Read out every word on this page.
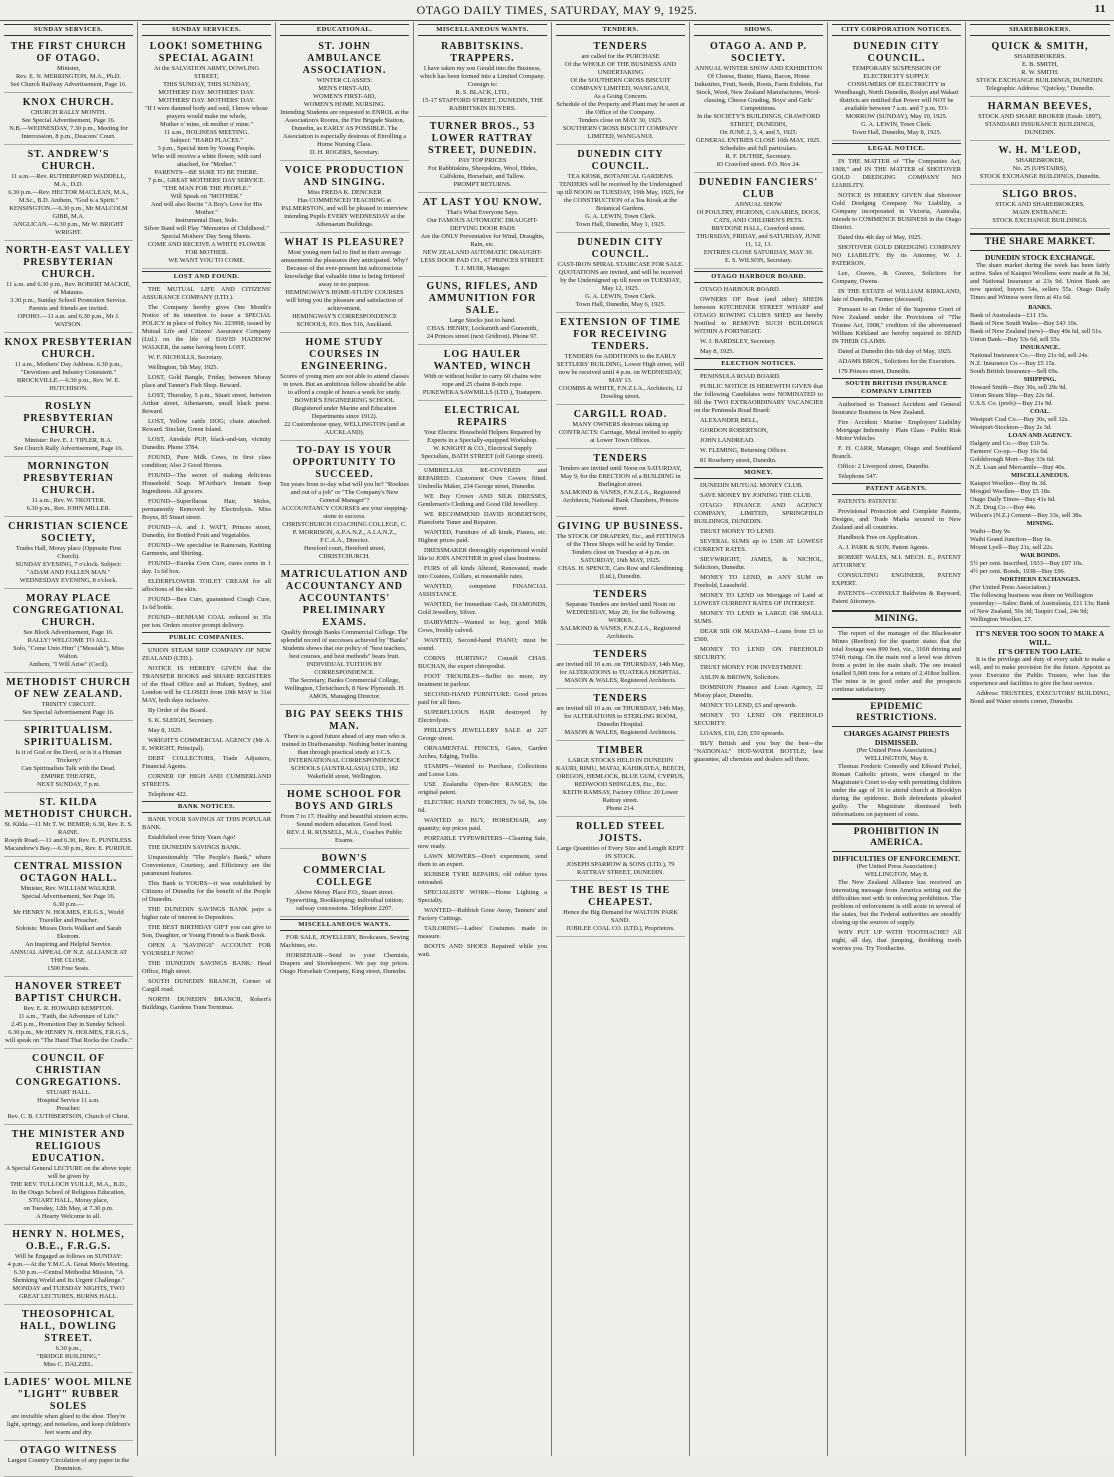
OTAGO DAILY TIMES, SATURDAY, MAY 9, 1925.	11
SUNDAY SERVICES.
THE FIRST CHURCH OF OTAGO.
Minister,
Rev. E. N. MERRINGTON, M.A., Ph.D.
See Church Railway Advertisement, Page 16.
KNOX CHURCH.
CHURCH RALLY MONTH.
See Special Advertisement, Page 16.
N.B.—WEDNESDAY, 7.30 p.m., Meeting for Intercession, 8 p.m., Deacons' Court.
ST. ANDREW'S CHURCH.
11 a.m.—Rev. RUTHERFORD WADDELL, M.A., D.D.
6.30 p.m.—Rev. HECTOR MACLEAN, M.A., M.Sc., B.D. Anthem, "God is a Spirit."
KENSINGTON.—6.30 p.m., Mr MALCOLM GIBB, M.A.
ANGLICAN.—6.30 p.m., Mr W. BRIGHT WRIGHT.
NORTH-EAST VALLEY PRESBYTERIAN CHURCH.
11 a.m. and 6.30 p.m., Rev. ROBERT MACKIE, of Mataura.
3.30 p.m., Sunday School Promotion Service. Parents and friends are invited.
OPOHO.—11 a.m. and 6.30 p.m., Mr J. WATSON.
KNOX PRESBYTERIAN CHURCH.
11 a.m., Mothers' Day Address. 6.30 p.m., "Devotions and Industry Consistent."
BROCKVILLE.—6.30 p.m., Rev. W. E. HUTCHISON.
ROSLYN PRESBYTERIAN CHURCH.
Minister: Rev. E. J. TIPLER, B.A.
See Church Rally Advertisement, Page 16.
MORNINGTON PRESBYTERIAN CHURCH.
11 a.m., Rev. W. TROTTER.
6.30 p.m., Rev. JOHN MILLER.
CHRISTIAN SCIENCE SOCIETY,
Trades Hall, Moray place (Opposite First Church).
SUNDAY EVENING, 7 o'clock. Subject:
"ADAM AND FALLEN MAN."
WEDNESDAY EVENING, 8 o'clock.
MORAY PLACE CONGREGATIONAL CHURCH.
See Block Advertisement, Page 16.
RALLY! WELCOME TO ALL.
Solo, "Come Unto Him" ("Messiah"), Miss Walton.
Anthem, "I Will Arise" (Cecil).
METHODIST CHURCH OF NEW ZEALAND.
TRINITY CIRCUIT.
See Special Advertisement Page 16.
SPIRITUALISM. SPIRITUALISM.
Is it of God or the Devil, or is it a Human Trickery?
Can Spiritualists Talk with the Dead.
EMPIRE THEATRE,
NEXT SUNDAY, 7 p.m.
ST. KILDA METHODIST CHURCH.
St. Kilda.—11 Mr T. W. HEMER; 6.30, Rev. E. S. RAINE.
Rosyth Road.—11 and 6.30, Rev. E. PUNDLESS.
Macandrew's Bay.—6.30 p.m., Rev. E. PURDUE.
CENTRAL MISSION OCTAGON HALL.
Minister, Rev. WILLIAM WALKER.
Special Advertisement, See Page 16.
6.30 p.m.—
Mr HENRY N. HOLMES, F.R.G.S., World Traveller and Preacher.
Soloists: Misses Doris Walkart and Sarah Ekstrom.
An Inspiring and Helpful Service.
ANNUAL APPEAL OF N.Z. ALLIANCE AT THE CLOSE.
1500 Free Seats.
HANOVER STREET BAPTIST CHURCH.
Rev. E. R. HOWARD KEMPTON.
11 a.m., "Faith, the Adventure of Life."
2.45 p.m., Promotion Day in Sunday School.
6.30 p.m., Mr HENRY N. HOLMES, F.R.G.S., will speak on "The Hand That Rocks the Cradle."
COUNCIL OF CHRISTIAN CONGREGATIONS.
STUART HALL.
Hospital Service 11 a.m.
Preacher:
Rev. C. B. CUTHBERTSON, Church of Christ.
THE MINISTER AND RELIGIOUS EDUCATION.
A Special General LECTURE on the above topic will be given by
THE REV. TULLOCH YUILLE, M.A., B.D.,
In the Otago School of Religious Education, STUART HALL, Moray place,
on Tuesday, 12th May, at 7.30 p.m.
A Hearty Welcome to all.
HENRY N. HOLMES, O.B.E., F.R.G.S.
Will be Engaged as follows on SUNDAY:
4 p.m.—At the Y.M.C.A. Great Men's Meeting.
6.30 p.m.—Central Methodist Mission, "A Shrinking World and Its Urgent Challenge."
MONDAY and TUESDAY NIGHTS, TWO GREAT LECTURES, BURNS HALL.
THEOSOPHICAL HALL, DOWLING STREET.
6.30 p.m.,
"BRIDGE BUILDING,"
Miss C. DALZIEL.
LADIES' WOOL MILNE "LIGHT" RUBBER SOLES
are invisible when glued to the shoe. They're light, springy, and noiseless, and keep children's feet warm and dry.
OTAGO WITNESS
Largest Country Circulation of any paper in the Dominion.
SUNDAY SERVICES.
LOOK! SOMETHING SPECIAL AGAIN!
At the SALVATION ARMY, DOWLING STREET,
THIS SUNDAY, THIS SUNDAY,
MOTHERS' DAY. MOTHERS' DAY.
MOTHERS' DAY. MOTHERS' DAY.
"If I were damned body and soul, I know whose prayers would make me whole,
Mother o' mine, oh mother o' mine."
11 a.m., HOLINESS MEETING.
Subject: "HARD PLACES."
3 p.m., Special item by Young People.
Who will receive a white flower, with card attached, for "Mother."
PARENTS—BE SURE TO BE THERE.
7 p.m., GREAT MOTHERS' DAY SERVICE.
"THE MAN FOR THE PEOPLE."
Will Speak on "MOTHER."
And will also Recite "A Boy's Love for His Mother."
Instrumental Duet, Solo.
Silver Band will Play "Memories of Childhood."
Special Mothers' Day Song Sheets.
COME AND RECEIVE A WHITE FLOWER FOR MOTHER.
WE WANT YOU TO COME.
LOST AND FOUND.

THE MUTUAL LIFE AND CITIZENS' ASSURANCE COMPANY (LTD.).

The Company hereby gives One Month's Notice of its intention to issue a SPECIAL POLICY in place of Policy No. 223998, issued by Mutual Life and Citizens' Assurance Company (Ltd.) on the life of DAVID HADDOW WALKER, the same having been LOST.

W. F. NICHOLLS, Secretary.

Wellington, 5th May, 1925.

LOST, Gold Bangle, Friday, between Moray place and Tanner's Fish Shop. Reward.

LOST, Thursday, 5 p.m., Stuart street, between Arthur street, Athenaeum, small black purse. Reward.

LOST, Yellow cattle DOG; chain attached. Reward. Sinclair, Green Island.

LOST, Airedale PUP, black-and-tan, vicinity Dunedin. Phone 3784.

FOUND, Pure Milk Cows, in first class condition; Also 2 Good Horses.

FOUND—The secret of making delicious Household Soap. M'Arthur's Instant Soap Ingredients. All grocers.

FOUND—Superfluous Hair, Moles, permanently Removed by Electrolysis. Miss Boyes, 85 Stuart street.

FOUND—A. and J. WATT, Princes street, Dunedin, for Bottled Fruit and Vegetables.

FOUND—We specialise in Raincoats, Knitting Garments, and Shirting.

FOUND—Eureka Corn Cure, cures corns in 1 day. 1s 6d box.

ELDERFLOWER TOILET CREAM for all affections of the skin.

FOUND—Ben Cure, guaranteed Cough Cure, 1s 6d bottle.

FOUND—BENHAM COAL reduced to 35s per ton. Orders receive prompt delivery.

PUBLIC COMPANIES.

UNION STEAM SHIP COMPANY OF NEW ZEALAND (LTD.).

NOTICE IS HEREBY GIVEN that the TRANSFER BOOKS and SHARE REGISTERS of the Head Office and at Hobart, Sydney, and London will be CLOSED from 19th MAY to 31st MAY, both days inclusive.

By Order of the Board.

S. K. SLEIGH, Secretary.

May 8, 1925.

WRIGHT'S COMMERCIAL AGENCY (Mr A. E. WRIGHT, Principal).

DEBT COLLECTORS, Trade Adjusters, Financial Agents.

CORNER OF HIGH AND CUMBERLAND STREETS.

Telephone 422.

BANK NOTICES.

BANK YOUR SAVINGS AT THIS POPULAR BANK.

Established over Sixty Years Ago!

THE DUNEDIN SAVINGS BANK.

Unquestionably "The People's Bank," where Convenience, Courtesy, and Efficiency are the paramount features.

This Bank is YOURS—it was established by Citizens of Dunedin for the benefit of the People of Dunedin.

THE DUNEDIN SAVINGS BANK pays a higher rate of interest to Depositors.

THE BEST BIRTHDAY GIFT you can give to Son, Daughter, or Young Friend is a Bank Book.

OPEN A "SAVINGS" ACCOUNT FOR YOURSELF NOW!

THE DUNEDIN SAVINGS BANK: Head Office, High street.

SOUTH DUNEDIN BRANCH, Corner of Cargill road.

NORTH DUNEDIN BRANCH, Robert's Buildings, Gardens Tram Terminus.

EDUCATIONAL.
ST. JOHN AMBULANCE ASSOCIATION.
WINTER CLASSES:
MEN'S FIRST-AID,
WOMEN'S FIRST-AID,
WOMEN'S HOME NURSING.
Intending Students are requested to ENROL at the Association's Rooms, the Fire Brigade Station, Dunedin, as EARLY AS POSSIBLE. The Association is especially desirous of Enrolling a Home Nursing Class.
D. H. ROGERS, Secretary.
VOICE PRODUCTION AND SINGING.
Miss FREDA K. DENCKER
Has COMMENCED TEACHING at PALMERSTON, and will be pleased to interview intending Pupils EVERY WEDNESDAY at the Athenaeum Buildings.
WHAT IS PLEASURE?
Most young men fail to find in their average amusements the pleasures they anticipated. Why? Because of the ever-present but subconscious knowledge that valuable time is being frittered away to no purpose.
HEMINGWAY'S HOME-STUDY COURSES will bring you the pleasure and satisfaction of achievement.
HEMINGWAY'S CORRESPONDENCE SCHOOLS, P.O. Box 516, Auckland.
HOME STUDY COURSES IN ENGINEERING.
Scores of young men are not able to attend classes in town. But an ambitious fellow should be able to afford a couple of hours a week for study.
BOWER'S ENGINEERING SCHOOL (Registered under Marine and Education Departments since 1912).
22 Customhouse quay, WELLINGTON (and at AUCKLAND).
TO-DAY IS YOUR OPPORTUNITY TO SUCCEED.
Ten years from to-day what will you be? "Rookies and out of a job" or "The Company's New General Manager"?
ACCOUNTANCY COURSES are your stepping-stone to success.
CHRISTCHURCH COACHING COLLEGE, C. P. MORRISON, A.P.A.N.Z., A.I.A.N.Z., F.C.A.A., Director.
Hereford court, Hereford street, CHRISTCHURCH.
MATRICULATION AND ACCOUNTANCY AND ACCOUNTANTS' PRELIMINARY EXAMS.
Qualify through Banks Commercial College. The splendid record of successes achieved by "Banks" Students shows that our policy of "best teachers, best courses, and best methods" bears fruit.
INDIVIDUAL TUITION BY CORRESPONDENCE.
The Secretary, Banks Commercial College, Wellington, Christchurch, 8 New Plymouth. H. AMOS, Managing Director.
BIG PAY SEEKS THIS MAN.
There is a good future ahead of any man who is trained in Draftsmanship. Nothing better training than through practical study at I.C.S.
INTERNATIONAL CORRESPONDENCE SCHOOLS (AUSTRALASIA) LTD., 182 Wakefield street, Wellington.
HOME SCHOOL FOR BOYS AND GIRLS
From 7 to 17. Healthy and beautiful sixteen acres. Sound modern education. Good food.
REV. J. R. RUSSELL, M.A., Coaches Public Exams.
BOWN'S COMMERCIAL COLLEGE
Above Moray Place P.O., Stuart street. Typewriting, Bookkeeping; individual tuition; railway concessions. Telephone 2207.
MISCELLANEOUS WANTS.

FOR SALE, JEWELLERY, Bookcases, Sewing Machines, etc.

HORSEHAIR—Send to your Chemists, Drapers and Storekeepers. We pay top prices. Otago Horsehair Company, King street, Dunedin.

MISCELLANEOUS WANTS.
RABBITSKINS. TRAPPERS.
I have taken my son Gerald into the Business, which has been formed into a Limited Company.
Consign to:
R. S. BLACK, LTD.,
15-17 STAFFORD STREET, DUNEDIN, THE RABBITSKIN BUYERS.
TURNER BROS., 53 LOWER RATTRAY STREET, DUNEDIN.
PAY TOP PRICES
For Rabbitskins, Sheepskins, Wool, Hides, Calfskins, Horsehair, and Tallow.
PROMPT RETURNS.
AT LAST YOU KNOW.
That's What Everyone Says.
Our FAMOUS AUTOMATIC DRAUGHT-DEFYING DOOR PADS
Are the ONLY Preventative for Wind, Draughts, Rain, etc.
NEW ZEALAND AUTOMATIC DRAUGHT-LESS DOOR PAD CO., 67 PRINCES STREET.
T. J. MUIR, Manager.
GUNS, RIFLES, AND AMMUNITION FOR SALE.
Large Stocks just to hand.
CHAS. HENRY, Locksmith and Gunsmith,
24 Princes street (next Gridiron). Phone 97.
LOG HAULER WANTED, WINCH
With or without boiler to carry 60 chains wire rope and 25 chains 8-inch rope.
PUKEWEKA SAWMILLS (LTD.), Tuatapere.
ELECTRICAL REPAIRS
Your Electric Household Helpers Repaired by Experts in a Specially-equipped Workshop.
W. KNIGHT & CO., Electrical Supply Specialists, BATH STREET (off George street).

UMBRELLAS RE-COVERED and REPAIRED. Customers' Own Covers fitted. Umbrella Maker, 234 George street, Dunedin.

WE Buy Crown AND SILK DRESSES, Gentlemen's Clothing and Good Old Jewellery.

WE RECOMMEND DAVID ROBERTSON, Pianoforte Tuner and Repairer.

WANTED, Furniture of all kinds, Pianos, etc. Highest prices paid.

DRESSMAKER thoroughly experienced would like to JOIN ANOTHER in good class business.

FURS of all kinds Altered, Renovated, made into Coatees, Collars, at reasonable rates.

WANTED, competent FINANCIAL ASSISTANCE.

WANTED, for Immediate Cash, DIAMONDS, Gold Jewellery, Silver.

DAIRYMEN—Wanted to buy, good Milk Cows, freshly calved.

WANTED, Second-hand PIANO; must be sound.

CORNS HURTING? Consult CHAS. BUCHAN, the expert chiropodist.

FOOT TROUBLES—Suffer no more, try treatment in parlour.

SECOND-HAND FURNITURE: Good prices paid for all lines.

SUPERFLUOUS HAIR destroyed by Electrolysis.

PHILLIPS'S JEWELLERY SALE at 227 George street.

ORNAMENTAL FENCES, Gates, Garden Arches, Edging, Trellis.

STAMPS—Wanted to Purchase, Collections and Loose Lots.

USE Zealandia Open-fire RANGES; the original patent.

ELECTRIC HAND TORCHES, 7s 6d, 9s, 10s 6d.

WANTED to BUY, HORSEHAIR, any quantity; top prices paid.

PORTABLE TYPEWRITERS—Cleaning Sale, now ready.

LAWN MOWERS—Don't experiment, send them to an expert.

RUBBER TYRE REPAIRS; old rubber tyres retreaded.

SPECIALISTS' WORK—Home Lighting a Specialty.

WANTED—Rubbish Gone Away, Tanners' and Factory Cuttings.

TAILORING—Ladies' Costumes made to measure.

BOOTS AND SHOES Repaired while you wait.

TENDERS.
TENDERS
are called for the PURCHASE
Of the WHOLE OF THE BUSINESS AND UNDERTAKING
Of the SOUTHERN CROSS BISCUIT COMPANY LIMITED, WANGANUI,
As a Going Concern.
Schedule of the Property and Plant may be seen at the Office of the Company.
Tenders close on MAY 30, 1925.
SOUTHERN CROSS BISCUIT COMPANY LIMITED, WANGANUI.
DUNEDIN CITY COUNCIL.
TEA KIOSK, BOTANICAL GARDENS.
TENDERS will be received by the Undersigned up till NOON on TUESDAY, 19th May, 1925, for the CONSTRUCTION of a Tea Kiosk at the Botanical Gardens.
G. A. LEWIN, Town Clerk.
Town Hall, Dunedin, May 1, 1925.
DUNEDIN CITY COUNCIL.
CAST-IRON SPIRAL STAIRCASE FOR SALE.
QUOTATIONS are invited, and will be received by the Undersigned up till noon on TUESDAY, May 12, 1925.
G. A. LEWIN, Town Clerk.
Town Hall, Dunedin, May 6, 1925.
EXTENSION OF TIME FOR RECEIVING TENDERS.
TENDERS for ADDITIONS to the EARLY SETTLERS' BUILDING, Lower High street, will now be received until 4 p.m. on WEDNESDAY, MAY 13.
COOMBS & WHITE, F.N.Z.I.A., Architects, 12 Dowling street.
CARGILL ROAD.
MANY OWNERS desirous taking up CONTRACTS: Carriage, Metal invited to apply at Lower Town Offices.
TENDERS
Tenders are invited until Noon on SATURDAY, May 9, for the ERECTION of a BUILDING in Burlington street.
SALMOND & VANES, F.N.Z.I.A., Registered Architects, National Bank Chambers, Princes street.
GIVING UP BUSINESS.
The STOCK OF DRAPERY, Etc., and FITTINGS of the Three Shops will be sold by Tender.
Tenders close on Tuesday at 4 p.m. on SATURDAY, 16th MAY, 1925.
CHAS. H. SPENCE, Cars Row and Glendinning (Ltd.), Dunedin.
TENDERS
Separate Tenders are invited until Noon on WEDNESDAY, May 20, for the following WORKS.
SALMOND & VANES, F.N.Z.I.A., Registered Architects.
TENDERS
are invited till 10 a.m. on THURSDAY, 14th May, for ALTERATIONS to TUATEKA HOSPITAL.
MASON & WALES, Registered Architects.
TENDERS
are invited till 10 a.m. on THURSDAY, 14th May, for ALTERATIONS to STERLING ROOM, Dunedin Hospital.
MASON & WALES, Registered Architects.
TIMBER
LARGE STOCKS HELD IN DUNEDIN
KAURI, RIMU, MATAI, KAHIKATEA, BEECH, OREGON, HEMLOCK, BLUE GUM, CYPRUS, REDWOOD SHINGLES, Etc., Etc.
KEITH RAMSAY, Factory Office: 20 Lower Rattray street.
Phone 214.
ROLLED STEEL JOISTS.
Large Quantities of Every Size and Length KEPT IN STOCK.
JOSEPH SPARROW & SONS (LTD.), 79 RATTRAY STREET, DUNEDIN.
THE BEST IS THE CHEAPEST.
Hence the Big Demand for WALTON PARK SAND.
JUBILEE COAL CO. (LTD.), Proprietors.
SHOWS.
OTAGO A. AND P. SOCIETY.
ANNUAL WINTER SHOW AND EXHIBITION
Of Cheese, Butter, Hams, Bacon, Home Industries, Fruit, Seeds, Roots, Farm Exhibits, Fat Stock, Wool, New Zealand Manufactures, Wool-classing, Cheese Grading, Boys' and Girls' Competitions.
In the SOCIETY'S BUILDINGS, CRAWFORD STREET, DUNEDIN,
On JUNE 2, 3, 4, and 5, 1925.
GENERAL ENTRIES CLOSE 16th MAY, 1925.
Schedules and full particulars.
R. F. DUTHIE, Secretary.
83 Crawford street. P.O. Box 24.
DUNEDIN FANCIERS' CLUB
ANNUAL SHOW
Of POULTRY, PIGEONS, CANARIES, DOGS, CATS, AND CHILDREN'S PETS.
BRYDONE HALL, Crawford street.
THURSDAY, FRIDAY, and SATURDAY, JUNE 11, 12, 13.
ENTRIES CLOSE SATURDAY, MAY 30.
E. S. WILSON, Secretary.
OTAGO HARBOUR BOARD.

OTAGO HARBOUR BOARD.

OWNERS OF Boat (and other) SHEDS between KITCHENER STREET WHARF and OTAGO ROWING CLUB'S SHED are hereby Notified to REMOVE SUCH BUILDINGS WITHIN A FORTNIGHT.

W. J. BARDSLEY, Secretary.

May 8, 1925.

ELECTION NOTICES.

PENINSULA ROAD BOARD.

PUBLIC NOTICE IS HEREWITH GIVEN that the following Candidates were NOMINATED to fill the TWO EXTRAORDINARY VACANCIES on the Peninsula Road Board:

ALEXANDER BELL,

GORDON ROBERTSON,

JOHN LANDREAD.

W. FLEMING, Returning Officer.

81 Roseberry street, Dunedin.

MONEY.

DUNEDIN MUTUAL MONEY CLUB.

SAVE MONEY BY JOINING THE CLUB.

OTAGO FINANCE AND AGENCY COMPANY, LIMITED, SPRINGFIELD BUILDINGS, DUNEDIN.

TRUST MONEY TO LEND.

SEVERAL SUMS up to £500 AT LOWEST CURRENT RATES.

SIEVWRIGHT, JAMES, & NICHOL, Solicitors, Dunedin.

MONEY TO LEND, in ANY SUM on Freehold, Leasehold.

MONEY TO LEND on Mortgage of Land at LOWEST CURRENT RATES OF INTEREST.

MONEY TO LEND in LARGE OR SMALL SUMS.

DEAR SIR OR MADAM—Loans from £5 to £500.

MONEY TO LEND ON FREEHOLD SECURITY.

TRUST MONEY FOR INVESTMENT.

ASLIN & BROWN, Solicitors.

DOMINION Finance and Loan Agency, 22 Moray place, Dunedin.

MONEY TO LEND, £5 and upwards.

MONEY TO LEND ON FREEHOLD SECURITY.

LOANS, £10, £20, £50 upwards.

BUY British and you buy the best—the "NATIONAL" HOT-WATER BOTTLE; best guarantee, all chemists and dealers sell them.

CITY CORPORATION NOTICES.
DUNEDIN CITY COUNCIL.
TEMPORARY SUSPENSION OF ELECTRICITY SUPPLY.
CONSUMERS OF ELECTRICITY in Woodhaugh, North Dunedin, Roslyn and Wakari districts are notified that Power will NOT be available between 7 a.m. and 7 p.m. TO-MORROW (SUNDAY), May 10, 1925.
G. A. LEWIN, Town Clerk.
Town Hall, Dunedin, May 8, 1925.
LEGAL NOTICE.

IN THE MATTER of "The Companies Act, 1908," and IN THE MATTER of SHOTOVER GOLD DREDGING COMPANY NO LIABILITY.

NOTICE IS HEREBY GIVEN that Shotover Gold Dredging Company No Liability, a Company incorporated in Victoria, Australia, intends to COMMENCE BUSINESS in the Otago District.

Dated this 4th day of May, 1925.

SHOTOVER GOLD DREDGING COMPANY NO LIABILITY. By its Attorney, W. J. PATERSON.

Lee, Graves, & Graves, Solicitors for Company, Owens.

IN THE ESTATE of WILLIAM KIRKLAND, late of Dunedin, Farmer (deceased).

Pursuant to an Order of the Supreme Court of New Zealand under the Provisions of "The Trustee Act, 1908," creditors of the abovenamed William Kirkland are hereby required to SEND IN THEIR CLAIMS.

Dated at Dunedin this 6th day of May, 1925.

ADAMS BROS., Solicitors for the Executors.

179 Princes street, Dunedin.

SOUTH BRITISH INSURANCE COMPANY LIMITED

Authorised to Transact Accident and General Insurance Business in New Zealand.

Fire · Accident · Marine · Employers' Liability · Mortgage Indemnity · Plate Glass · Public Risk · Motor Vehicles

F. H. CARR, Manager, Otago and Southland Branch.

Office: 2 Liverpool street, Dunedin.

Telephone 547.

PATENT AGENTS.

PATENTS: PATENTS!

Provisional Protection and Complete Patents, Designs, and Trade Marks secured in New Zealand and all countries.

Handbook Free on Application.

A. J. PARK & SON, Patent Agents.

ROBERT WALES, M.I. MECH. E., PATENT ATTORNEY.

CONSULTING ENGINEER, PATENT EXPERT.

PATENTS—CONSULT Baldwins & Rayward, Patent Attorneys.

MINING.

The report of the manager of the Blackwater Mines (Reefton) for the quarter states that the total footage was 890 feet, viz., 316ft driving and 574ft rising. On the main reef a level was driven from a point in the main shaft. The ore treated totalled 5,000 tons for a return of 2,418oz bullion. The mine is in good order and the prospects continue satisfactory.

EPIDEMIC RESTRICTIONS.
CHARGES AGAINST PRIESTS DISMISSED.
(Per United Press Association.)
WELLINGTON, May 8.

Thomas Frederic Connolly and Edward Pickel, Roman Catholic priests, were charged in the Magistrate's Court to-day with permitting children under the age of 16 to attend church at Brooklyn during the epidemic. Both defendants pleaded guilty. The Magistrate dismissed both informations on payment of costs.

PROHIBITION IN AMERICA.
DIFFICULTIES OF ENFORCEMENT.
(Per United Press Association.)
WELLINGTON, May 8.

The New Zealand Alliance has received an interesting message from America setting out the difficulties met with in enforcing prohibition. The problem of enforcement is still acute in several of the states, but the Federal authorities are steadily closing up the sources of supply.

WHY PUT UP WITH TOOTHACHE? All night, all day, that jumping, throbbing tooth worries you. Try Toothacine.

SHAREBROKERS.
QUICK & SMITH,
SHAREBROKERS.
E. B. SMITH,
R. W. SMITH.
STOCK EXCHANGE BUILDINGS, DUNEDIN.
Telegraphic Address: "Quicksy," Dunedin.
HARMAN BEEVES,
STOCK AND SHARE BROKER (Estab. 1897),
STANDARD INSURANCE BUILDINGS, DUNEDIN.
W. H. M'LEOD,
SHAREBROKER,
No. 25 (UPSTAIRS),
STOCK EXCHANGE BUILDINGS, Dunedin.
SLIGO BROS.
STOCK AND SHAREBROKERS,
MAIN ENTRANCE:
STOCK EXCHANGE BUILDINGS.
THE SHARE MARKET.
DUNEDIN STOCK EXCHANGE.

The share market during the week has been fairly active. Sales of Kaiapoi Woollens were made at 8s 3d, and National Insurance at 23s 9d. Union Bank are now quoted, buyers 54s, sellers 55s. Otago Daily Times and Witness were firm at 41s 6d.

BANKS.
Bank of Australasia—£11 15s.
Bank of New South Wales—Buy £43 10s.
Bank of New Zealand (new)—Buy 49s 6d, sell 51s.
Union Bank—Buy 53s 6d, sell 55s.
INSURANCE.
National Insurance Co.—Buy 21s 6d, sell 24s.
N.Z. Insurance Co.—Buy £5 15s.
South British Insurance—Sell 69s.
SHIPPING.
Howard Smith—Buy 30s, sell 29s 9d.
Union Steam Ship—Buy 22s 6d.
U.S.S. Co. (prefs)—Buy 21s 9d.
COAL.
Westport Coal Co.—Buy 30s, sell 32s.
Westport-Stockton—Buy 2s 3d.
LOAN AND AGENCY.
Dalgety and Co.—Buy £10 5s.
Farmers' Co-op.—Buy 16s 6d.
Goldsbrough Mort—Buy 33s 6d.
N.Z. Loan and Mercantile—Buy 40s.
MISCELLANEOUS.
Kaiapoi Woollen—Buy 8s 3d.
Mosgiel Woollen—Buy £5 18s.
Otago Daily Times—Buy 41s 6d.
N.Z. Drug Co.—Buy 44s.
Wilson's (N.Z.) Cement—Buy 33s, sell 38s.
MINING.
Waihi—Buy 9s.
Waihi Grand Junction—Buy 6s.
Mount Lyell—Buy 21s, sell 22s.
WAR BONDS.
5½ per cent. Inscribed, 1933—Buy £97 10s.
4½ per cent. Bonds, 1938—Buy £96.
NORTHERN EXCHANGES.
(Per United Press Association.)
The following business was done on Wellington yesterday:—Sales: Bank of Australasia, £11 13s; Bank of New Zealand, 50s 3d; Taupiri Coal, 24s 9d; Wellington Woollen, £7.
IT'S NEVER TOO SOON TO MAKE A WILL.
IT'S OFTEN TOO LATE.

It is the privilege and duty of every adult to make a will, and to make provision for the future. Appoint as your Executor the Public Trustee, who has the experience and facilities to give the best service.

Address: TRUSTEES, EXECUTORS' BUILDING, Bond and Water streets corner, Dunedin.
